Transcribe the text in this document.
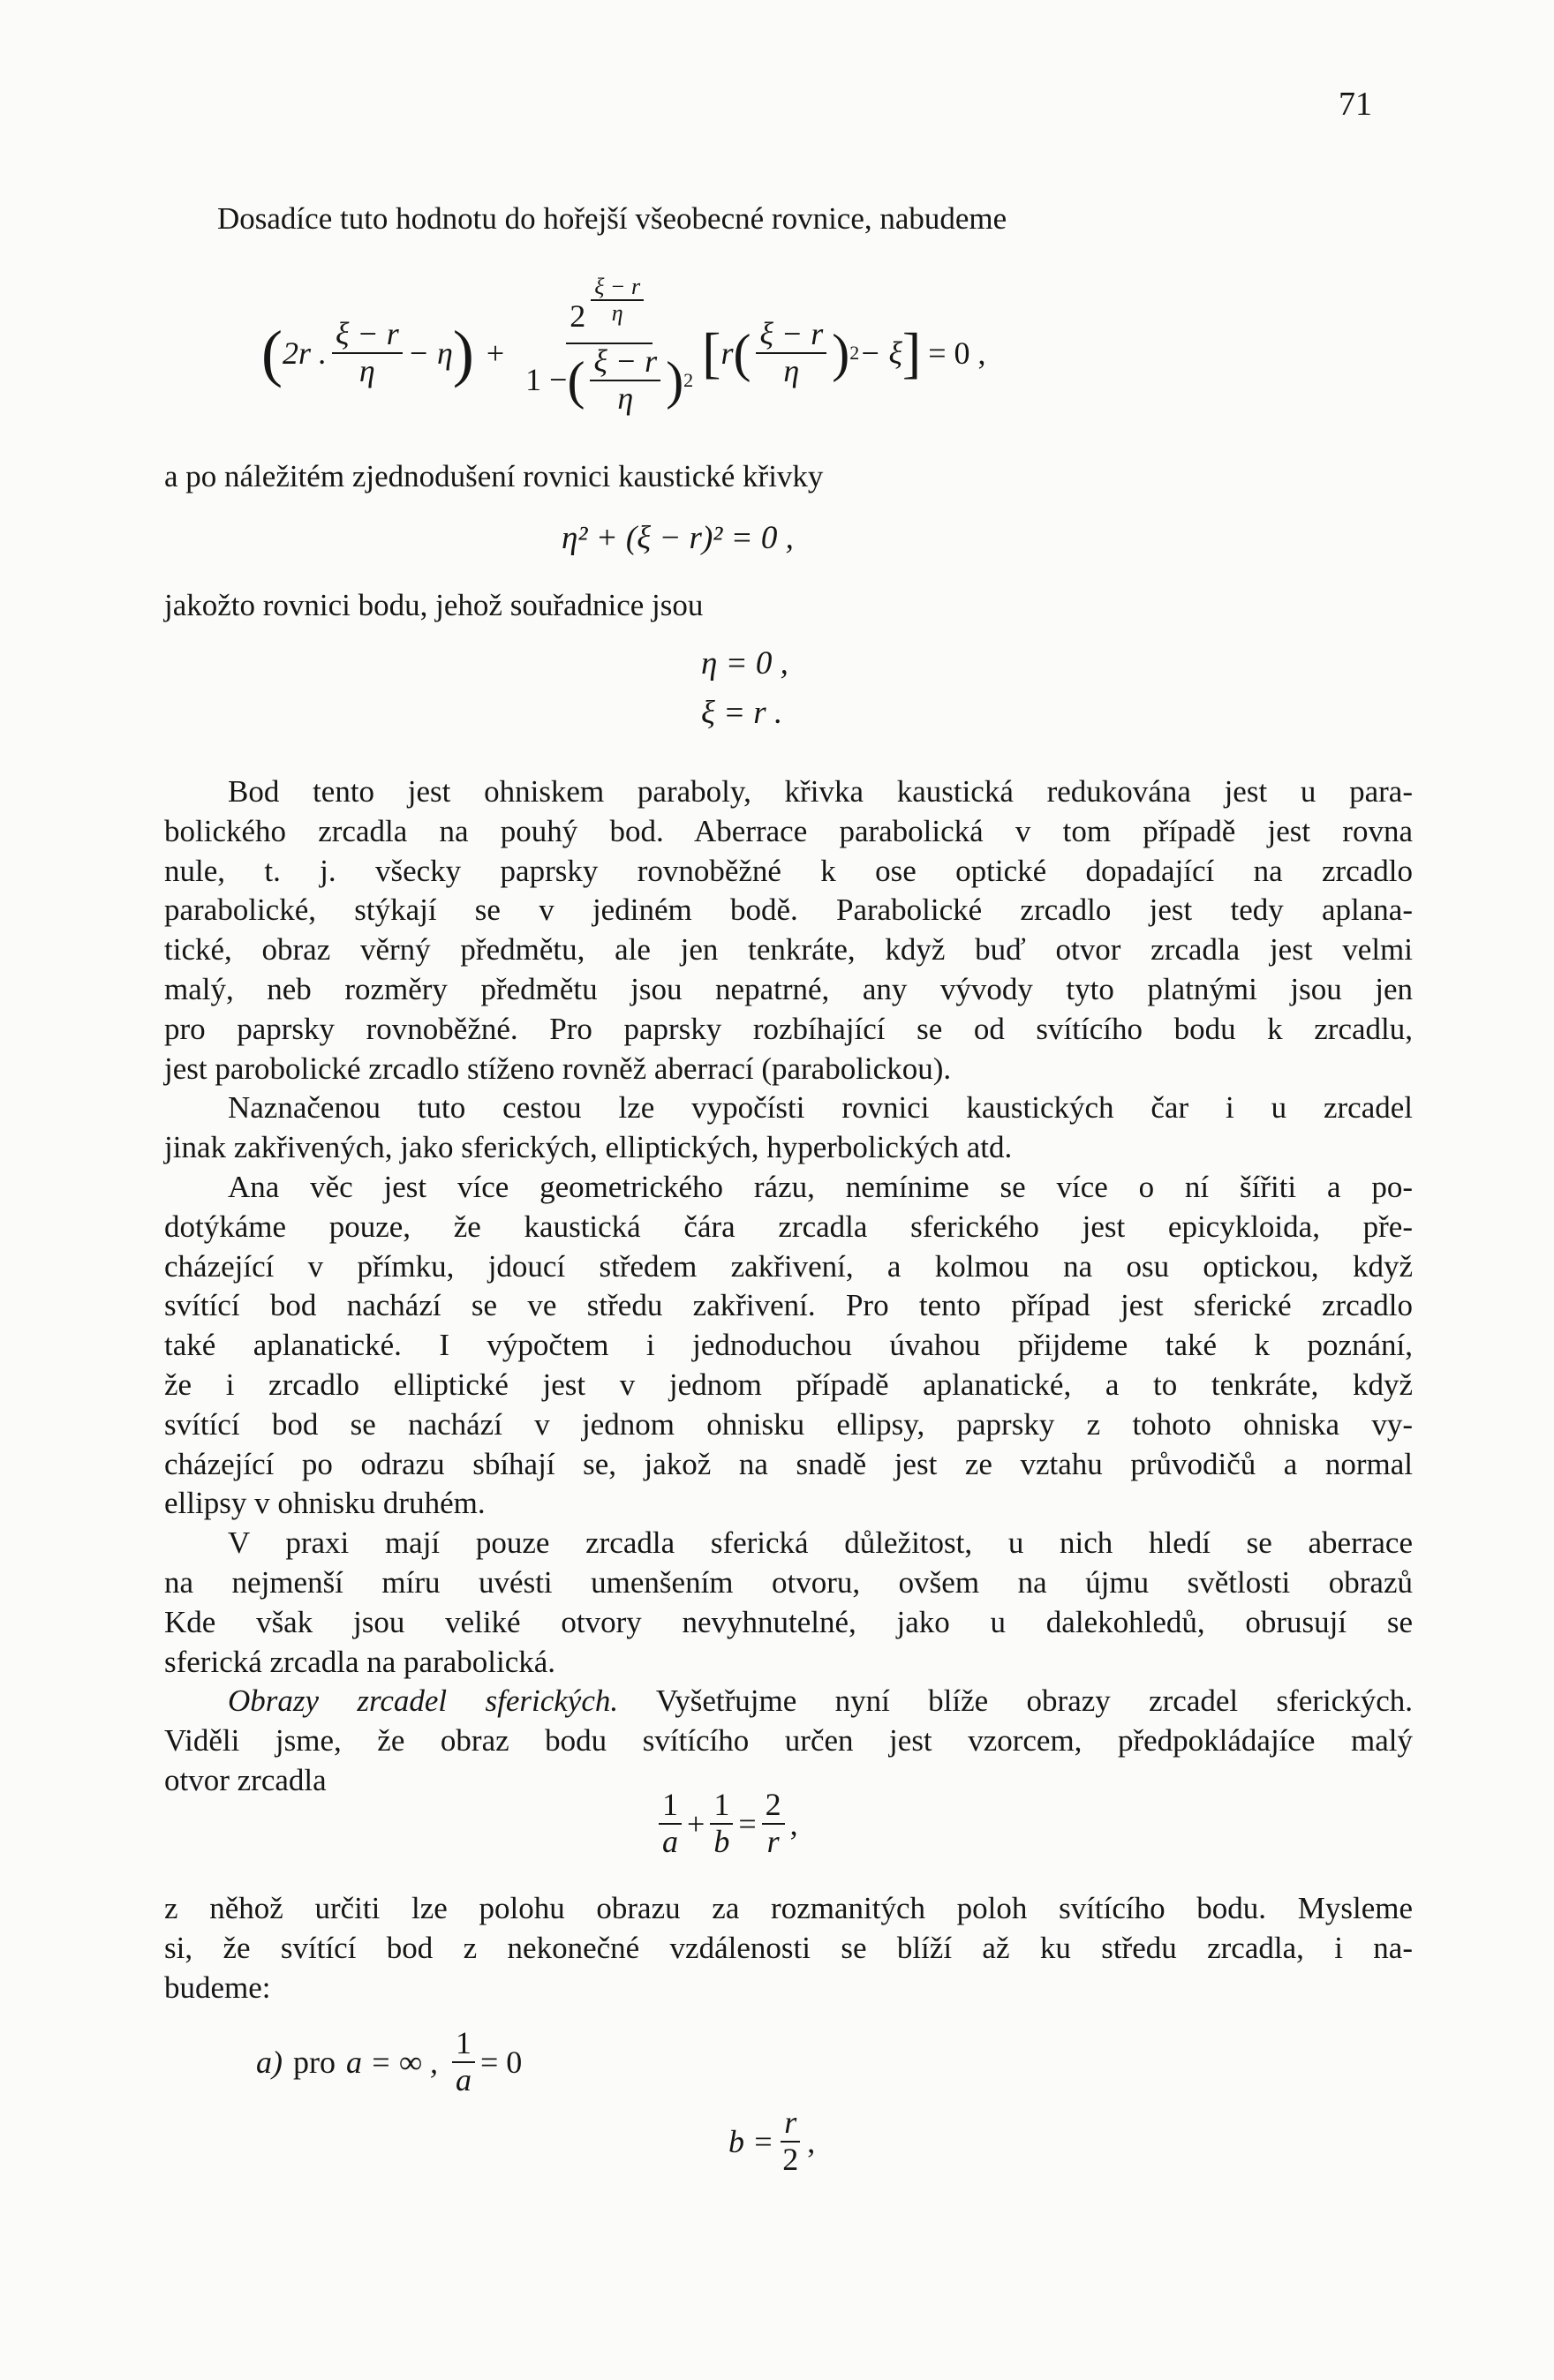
71
Dosadíce tuto hodnotu do hořejší všeobecné rovnice, nabudeme
( 2r . $\frac{\xi - r}{\eta} - \eta$ ) +
$2 \frac{\xi - r}{\eta}$
1 − ( $\frac{\xi - r}{\eta}$ ) 2 [ r ( $\frac{\xi - r}{\eta}$ ) 2 − ξ ] = 0 ,
a po náležitém zjednodušení rovnici kaustické křivky
η² + (ξ − r)² = 0 ,
jakožto rovnici bodu, jehož souřadnice jsou
η = 0 ,
ξ = r .
Bod tento jest ohniskem paraboly, křivka kaustická redukována jest u para-
bolického zrcadla na pouhý bod. Aberrace parabolická v tom případě jest rovna
nule, t. j. všecky paprsky rovnoběžné k ose optické dopadající na zrcadlo
parabolické, stýkají se v jediném bodě. Parabolické zrcadlo jest tedy aplana-
tické, obraz věrný předmětu, ale jen tenkráte, když buď otvor zrcadla jest velmi
malý, neb rozměry předmětu jsou nepatrné, any vývody tyto platnými jsou jen
pro paprsky rovnoběžné. Pro paprsky rozbíhající se od svítícího bodu k zrcadlu,
jest parobolické zrcadlo stíženo rovněž aberrací (parabolickou).
Naznačenou tuto cestou lze vypočísti rovnici kaustických čar i u zrcadel
jinak zakřivených, jako sferických, elliptických, hyperbolických atd.
Ana věc jest více geometrického rázu, nemínime se více o ní šířiti a po-
dotýkáme pouze, že kaustická čára zrcadla sferického jest epicykloida, pře-
cházející v přímku, jdoucí středem zakřivení, a kolmou na osu optickou, když
svítící bod nachází se ve středu zakřivení. Pro tento případ jest sferické zrcadlo
také aplanatické. I výpočtem i jednoduchou úvahou přijdeme také k poznání,
že i zrcadlo elliptické jest v jednom případě aplanatické, a to tenkráte, když
svítící bod se nachází v jednom ohnisku ellipsy, paprsky z tohoto ohniska vy-
cházející po odrazu sbíhají se, jakož na snadě jest ze vztahu průvodičů a normal
ellipsy v ohnisku druhém.
V praxi mají pouze zrcadla sferická důležitost, u nich hledí se aberrace
na nejmenší míru uvésti umenšením otvoru, ovšem na újmu světlosti obrazů
Kde však jsou veliké otvory nevyhnutelné, jako u dalekohledů, obrusují se
sferická zrcadla na parabolická.
Obrazy zrcadel sferických. Vyšetřujme nyní blíže obrazy zrcadel sferických.
Viděli jsme, že obraz bodu svítícího určen jest vzorcem, předpokládajíce malý
otvor zrcadla
$\frac{1}{a} + \frac{1}{b} = \frac{2}{r}$ ,
z něhož určiti lze polohu obrazu za rozmanitých poloh svítícího bodu. Mysleme
si, že svítící bod z nekonečné vzdálenosti se blíží až ku středu zrcadla, i na-
budeme:
a) pro a = ∞ , $\frac{1}{a} = 0$
$b = \frac{r}{2}$ ,
